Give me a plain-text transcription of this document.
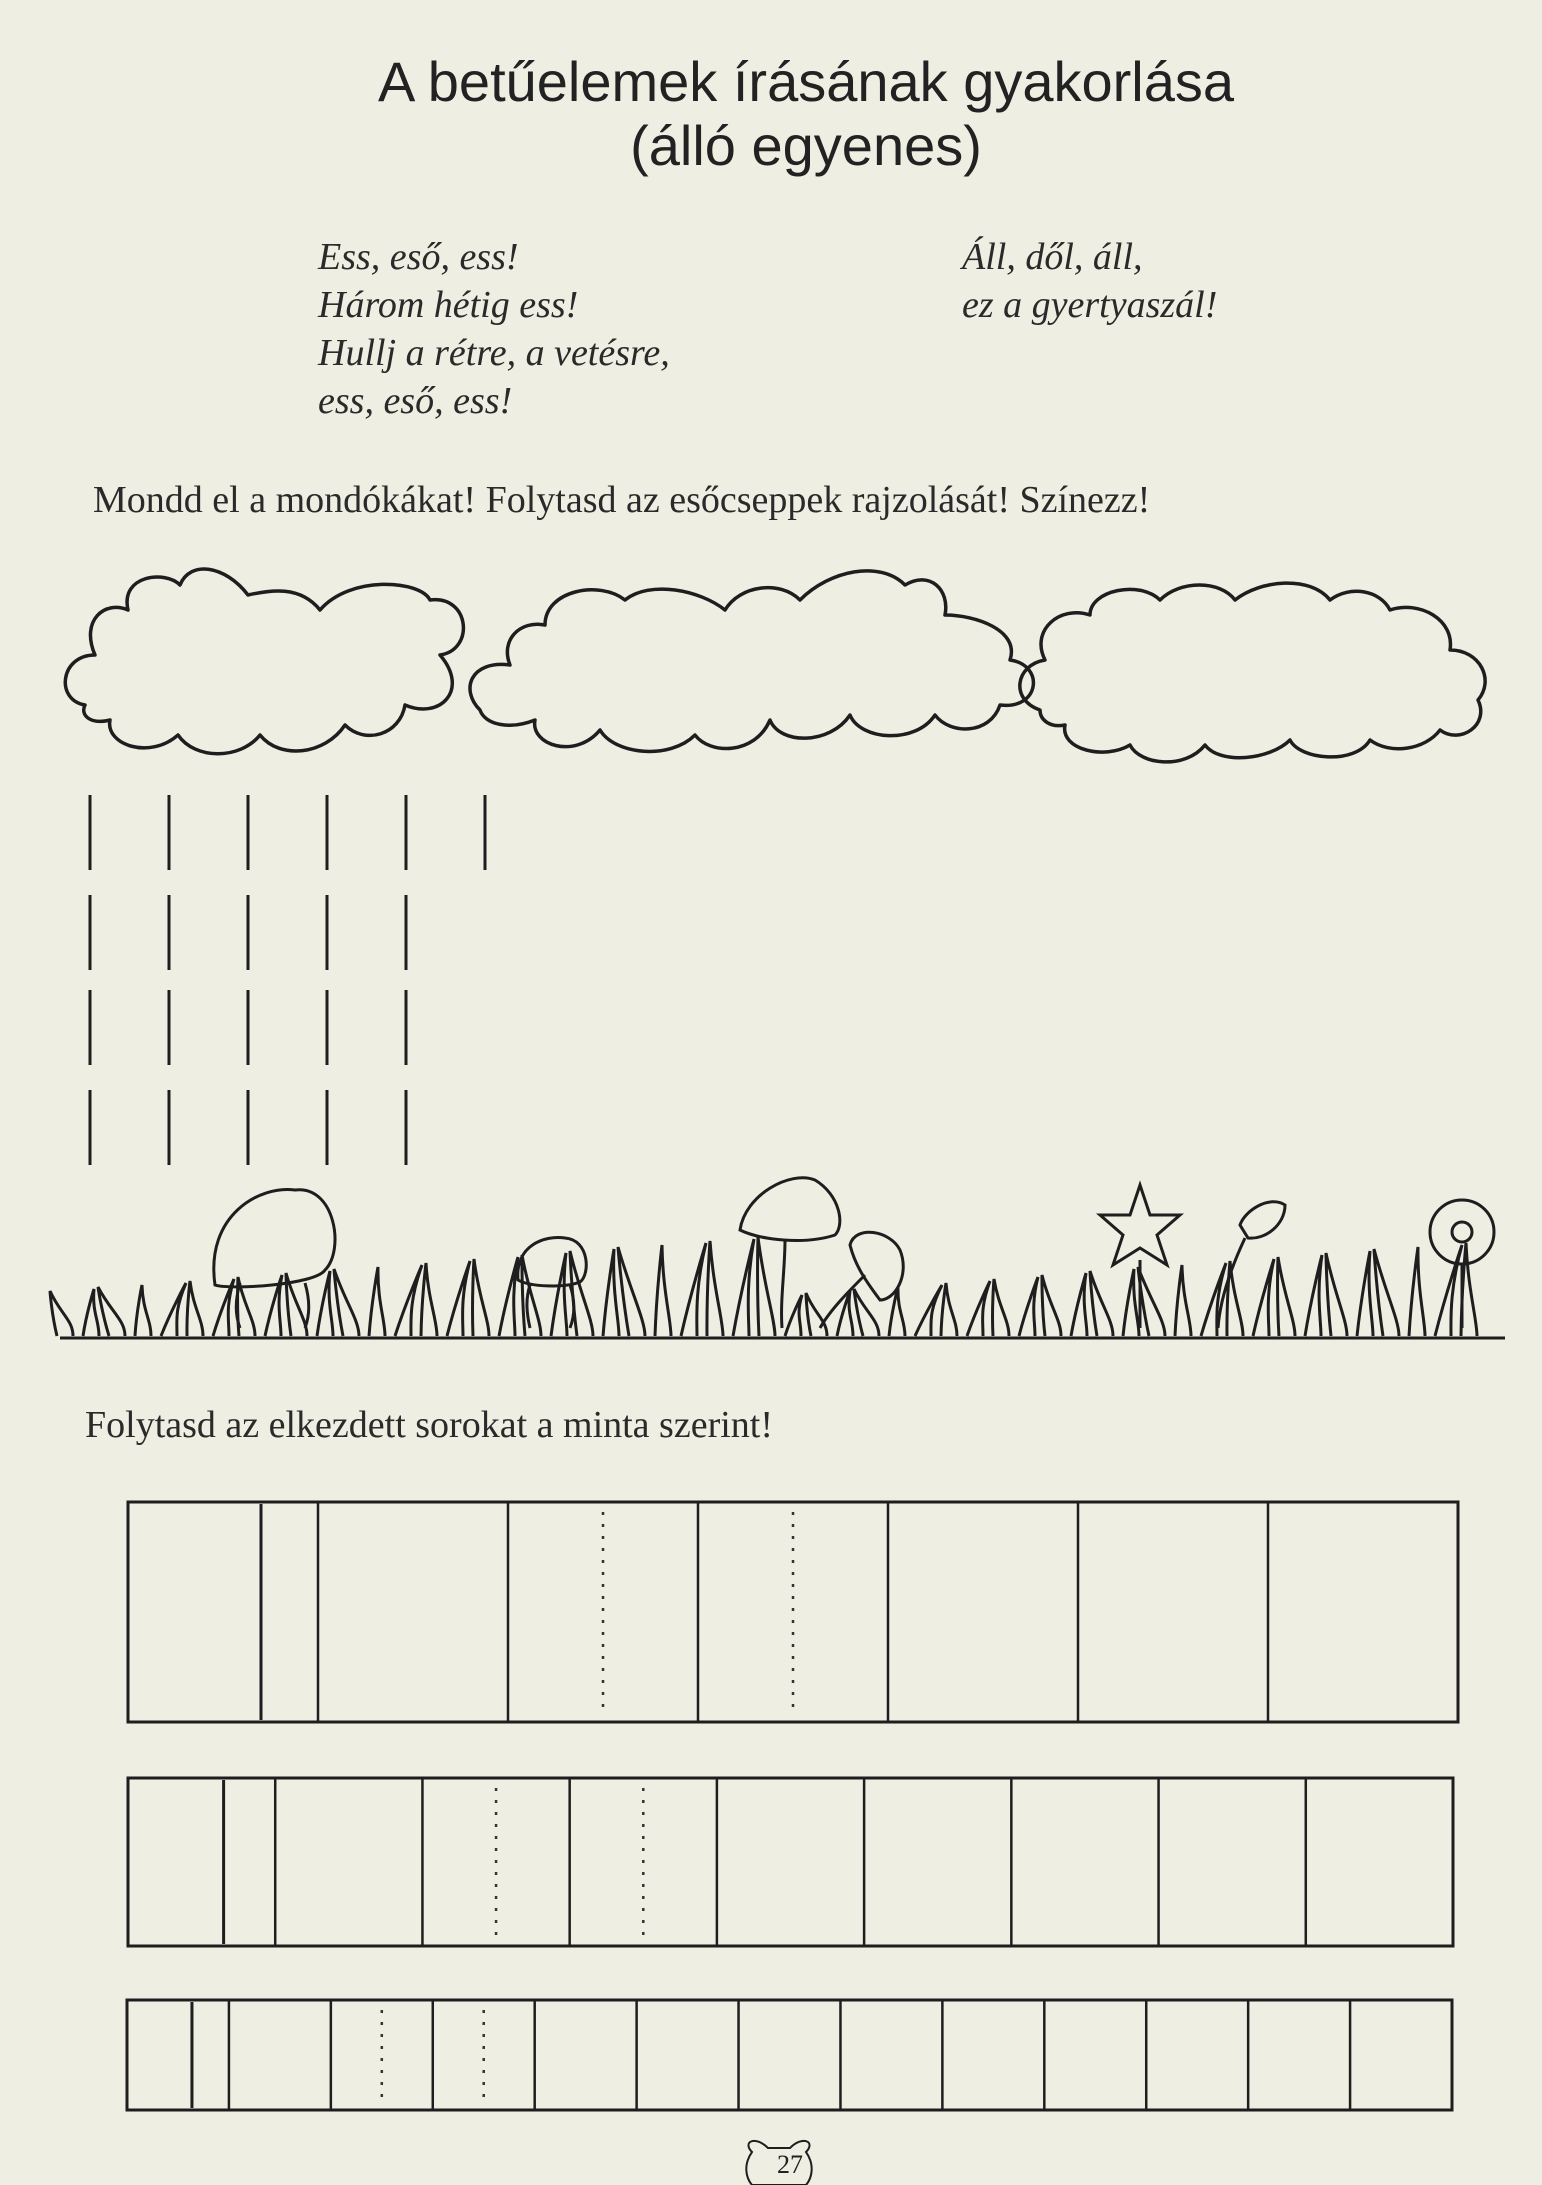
A betűelemek írásának gyakorlása
(álló egyenes)
Ess, eső, ess!
Három hétig ess!
Hullj a rétre, a vetésre,
ess, eső, ess!
Áll, dől, áll,
ez a gyertyaszál!
Mondd el a mondókákat! Folytasd az esőcseppek rajzolását! Színezz!
Folytasd az elkezdett sorokat a minta szerint!
27
